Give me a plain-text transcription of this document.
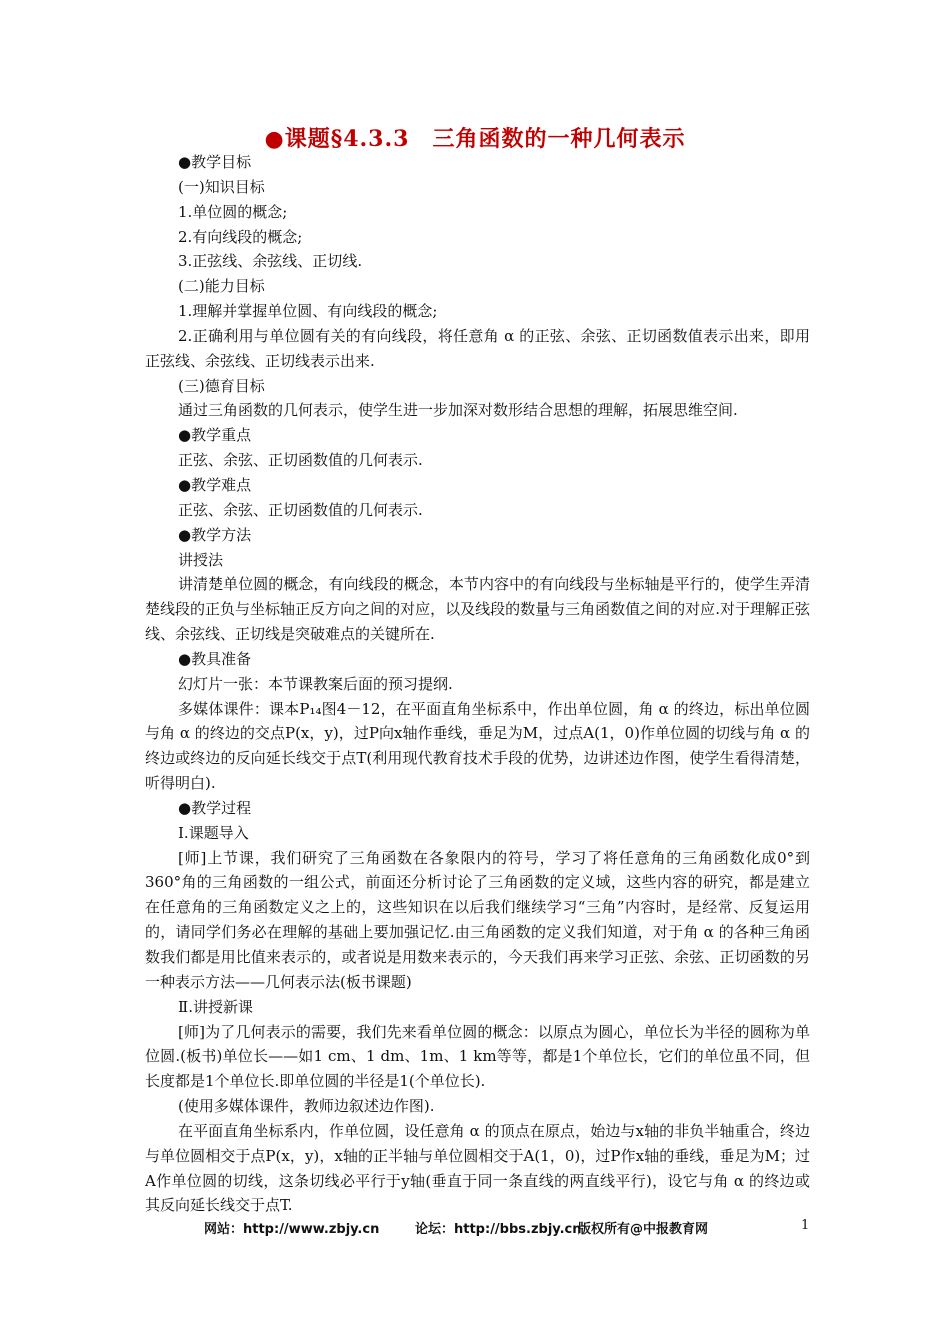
●课题§4.3.3　三角函数的一种几何表示

●教学目标

(一)知识目标

1.单位圆的概念;

2.有向线段的概念;

3.正弦线、余弦线、正切线.

(二)能力目标

1.理解并掌握单位圆、有向线段的概念;

2.正确利用与单位圆有关的有向线段，将任意角 α 的正弦、余弦、正切函数值表示出来，即用正弦线、余弦线、正切线表示出来.

(三)德育目标

通过三角函数的几何表示，使学生进一步加深对数形结合思想的理解，拓展思维空间.

●教学重点

正弦、余弦、正切函数值的几何表示.

●教学难点

正弦、余弦、正切函数值的几何表示.

●教学方法

讲授法

讲清楚单位圆的概念，有向线段的概念，本节内容中的有向线段与坐标轴是平行的，使学生弄清楚线段的正负与坐标轴正反方向之间的对应，以及线段的数量与三角函数值之间的对应.对于理解正弦线、余弦线、正切线是突破难点的关键所在.

●教具准备

幻灯片一张：本节课教案后面的预习提纲.

多媒体课件：课本P₁₄图4－12，在平面直角坐标系中，作出单位圆，角 α 的终边，标出单位圆与角 α 的终边的交点P(x，y)，过P向x轴作垂线，垂足为M，过点A(1，0)作单位圆的切线与角 α 的终边或终边的反向延长线交于点T(利用现代教育技术手段的优势，边讲述边作图，使学生看得清楚，听得明白).

●教学过程

Ⅰ.课题导入

[师]上节课，我们研究了三角函数在各象限内的符号，学习了将任意角的三角函数化成0°到360°角的三角函数的一组公式，前面还分析讨论了三角函数的定义域，这些内容的研究，都是建立在任意角的三角函数定义之上的，这些知识在以后我们继续学习“三角”内容时，是经常、反复运用的，请同学们务必在理解的基础上要加强记忆.由三角函数的定义我们知道，对于角 α 的各种三角函数我们都是用比值来表示的，或者说是用数来表示的，今天我们再来学习正弦、余弦、正切函数的另一种表示方法——几何表示法(板书课题)

Ⅱ.讲授新课

[师]为了几何表示的需要，我们先来看单位圆的概念：以原点为圆心，单位长为半径的圆称为单位圆.(板书)单位长——如1 cm、1 dm、1m、1 km等等，都是1个单位长，它们的单位虽不同，但长度都是1个单位长.即单位圆的半径是1(个单位长).

(使用多媒体课件，教师边叙述边作图).

在平面直角坐标系内，作单位圆，设任意角 α 的顶点在原点，始边与x轴的非负半轴重合，终边与单位圆相交于点P(x，y)，x轴的正半轴与单位圆相交于A(1，0)，过P作x轴的垂线，垂足为M；过A作单位圆的切线，这条切线必平行于y轴(垂直于同一条直线的两直线平行)，设它与角 α 的终边或其反向延长线交于点T.

网站：http://www.zbjy.cn	论坛：http://bbs.zbjy.cn
版权所有@中报教育网	1
